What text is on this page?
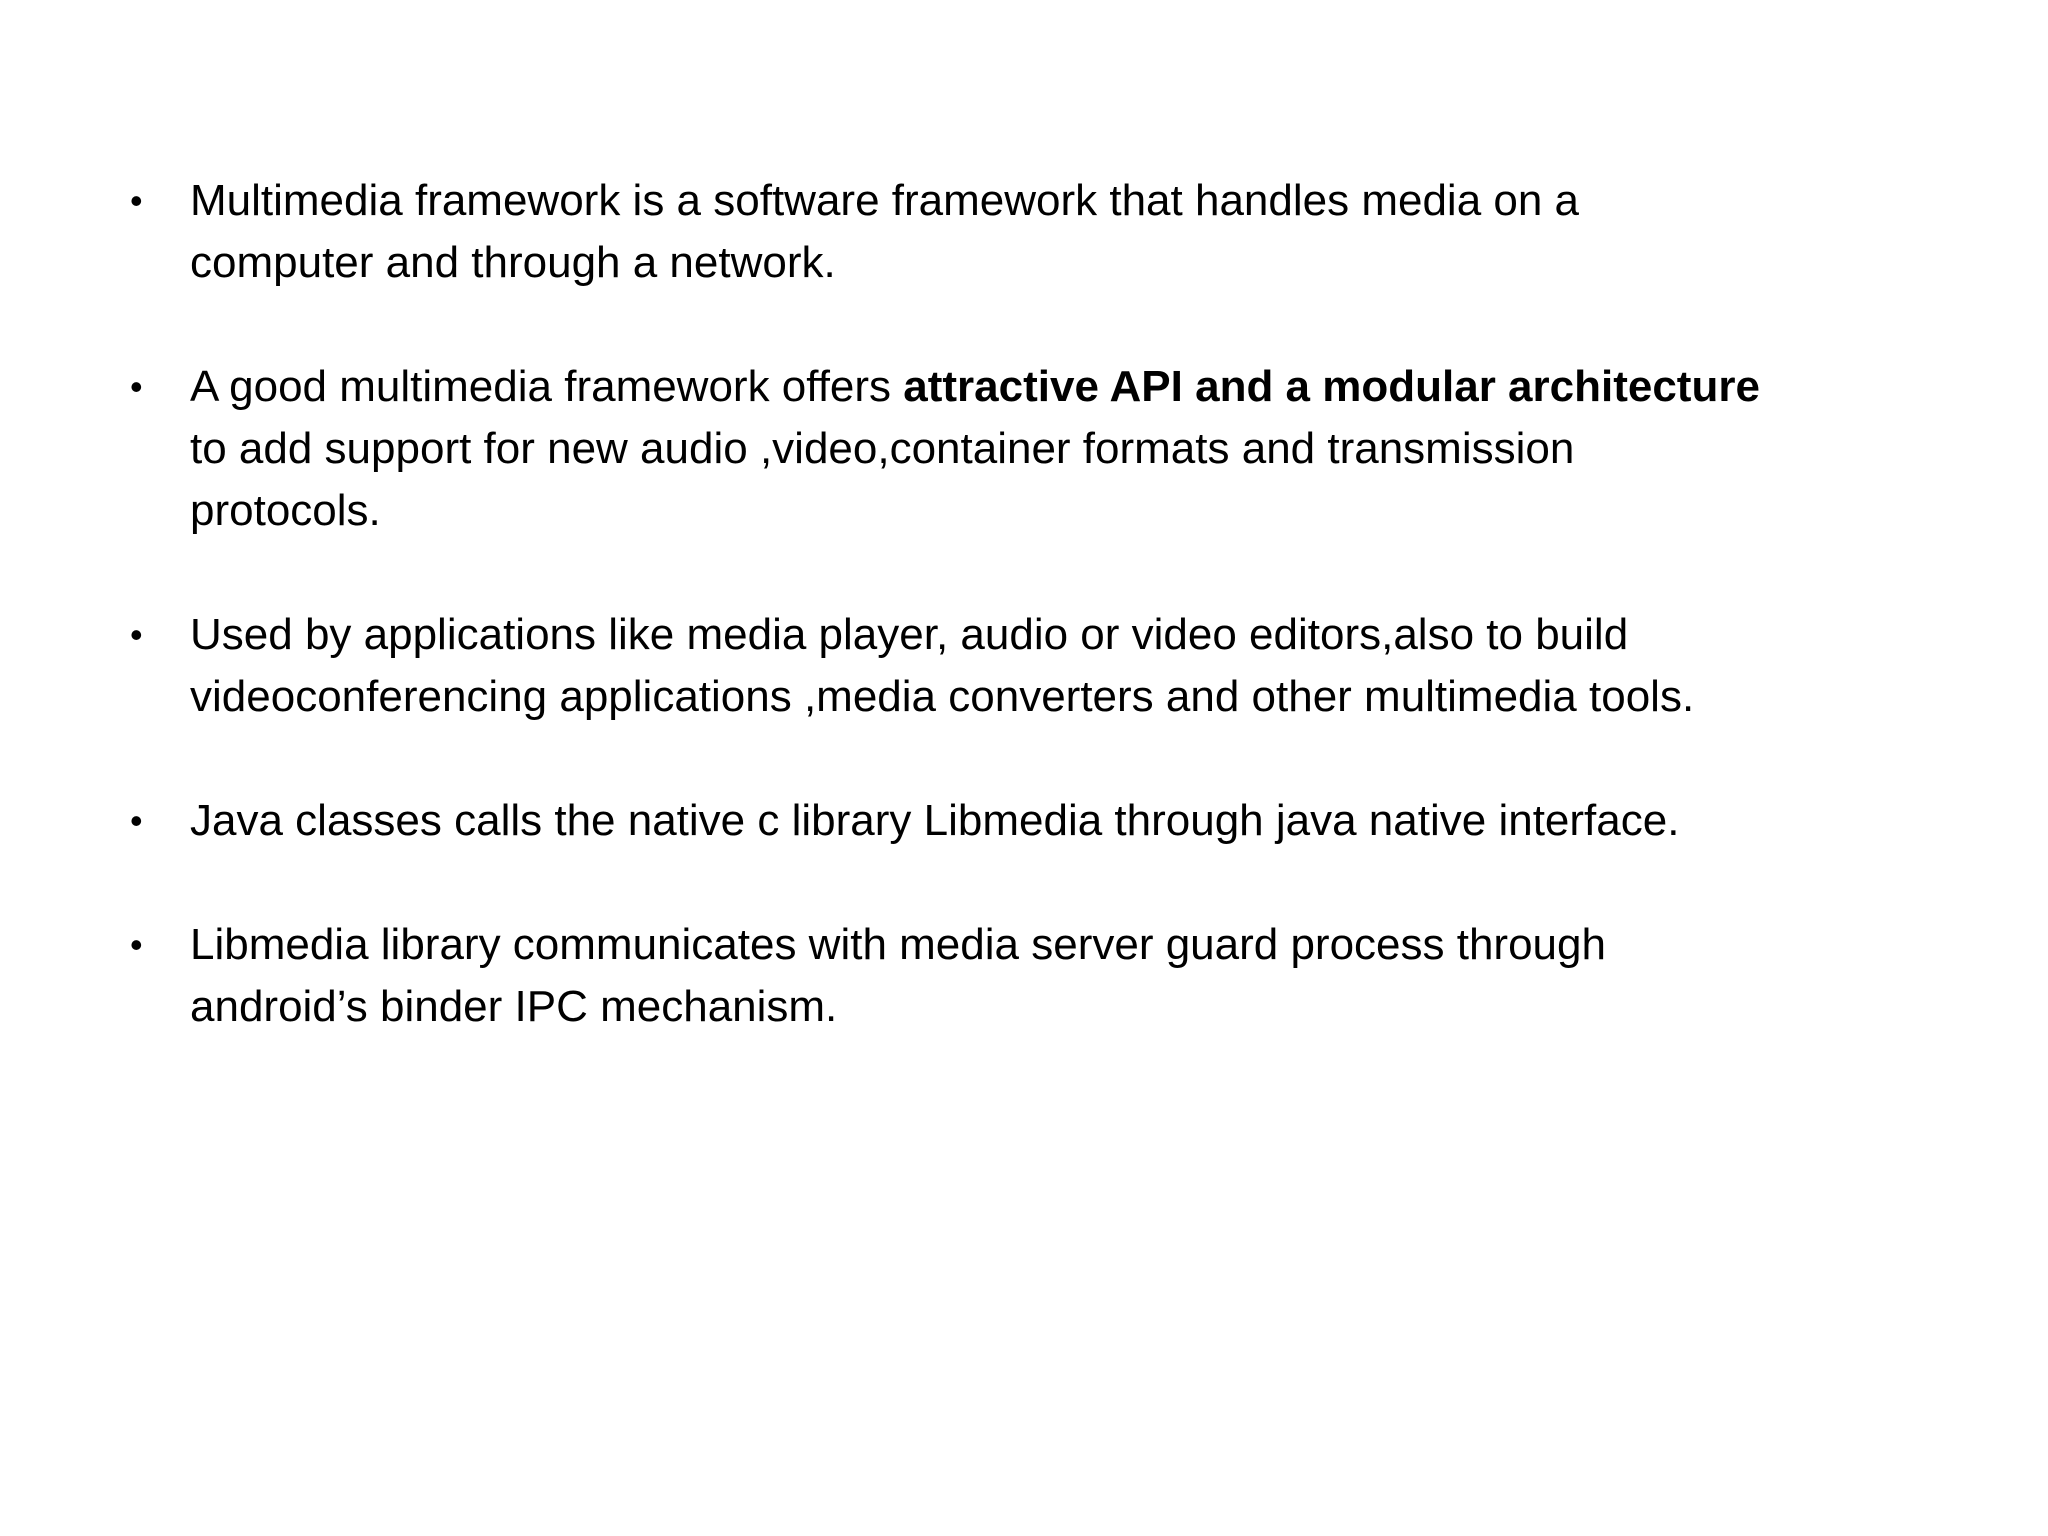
• Multimedia framework is a software framework that handles media on a
computer and through a network.
• A good multimedia framework offers attractive API and a modular architecture
to add support for new audio ,video,container formats and transmission
protocols.
• Used by applications like media player, audio or video editors,also to build
videoconferencing applications ,media converters and other multimedia tools.
• Java classes calls the native c library Libmedia through java native interface.
• Libmedia library communicates with media server guard process through
android’s binder IPC mechanism.
